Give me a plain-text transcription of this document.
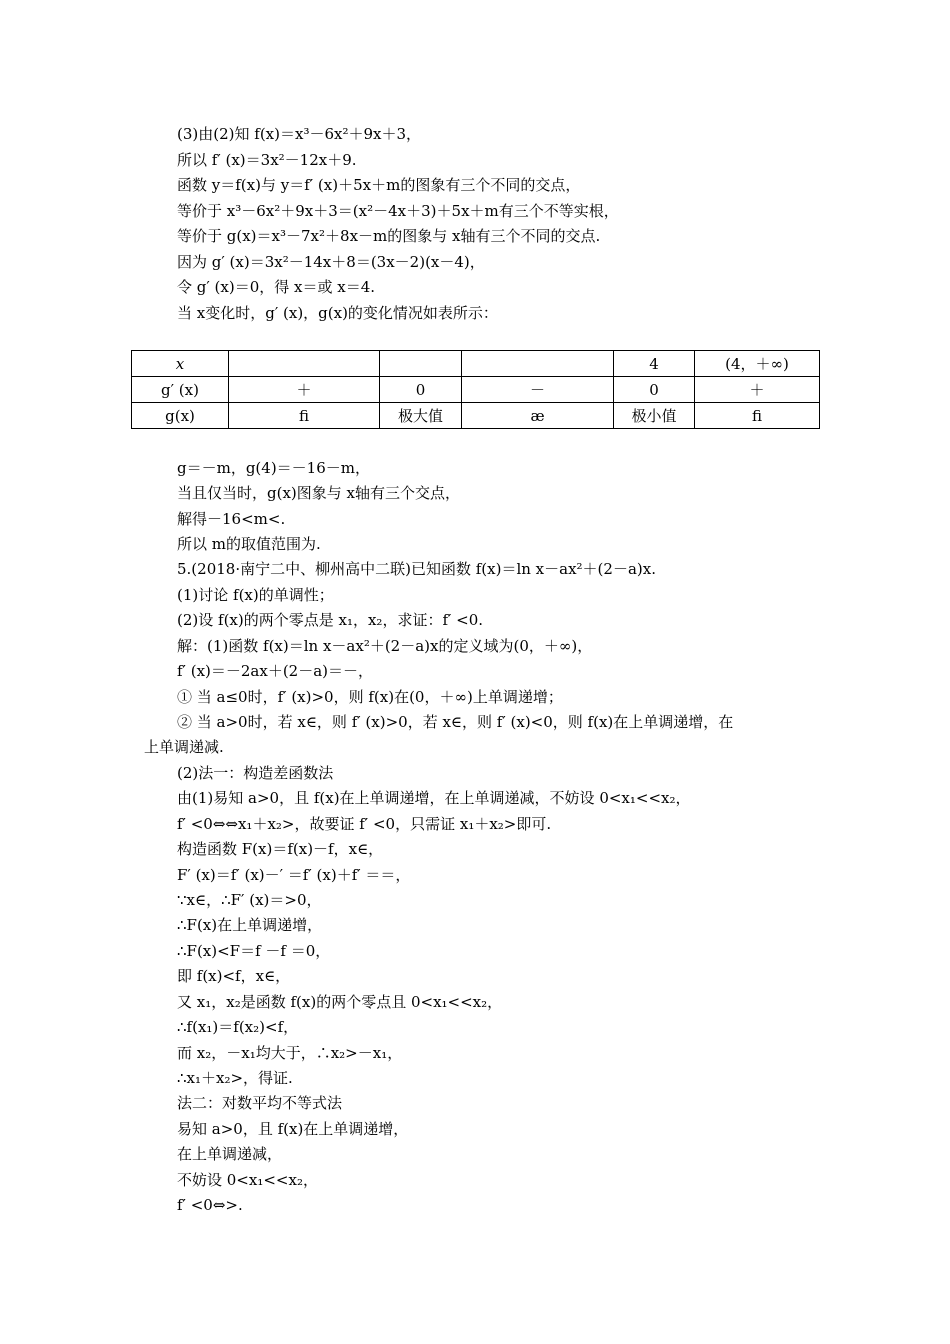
(3)由(2)知 f(x)＝x³－6x²＋9x＋3，
所以 f′ (x)＝3x²－12x＋9.
函数 y＝f(x)与 y＝f′ (x)＋5x＋m的图象有三个不同的交点，
等价于 x³－6x²＋9x＋3＝(x²－4x＋3)＋5x＋m有三个不等实根，
等价于 g(x)＝x³－7x²＋8x－m的图象与 x轴有三个不同的交点.
因为 g′ (x)＝3x²－14x＋8＝(3x－2)(x－4)，
令 g′ (x)＝0，得 x＝或 x＝4.
当 x变化时，g′ (x)，g(x)的变化情况如表所示：
x				4	(4，＋∞)
g′ (x)	＋	0	－	0	＋
g(x)	ﬁ	极大值	æ	极小值	ﬁ
g＝－m，g(4)＝－16－m，
当且仅当时，g(x)图象与 x轴有三个交点，
解得－16<m<.
所以 m的取值范围为.
5.(2018·南宁二中、柳州高中二联)已知函数 f(x)＝ln x－ax²＋(2－a)x.
(1)讨论 f(x)的单调性；
(2)设 f(x)的两个零点是 x₁，x₂，求证：f′ <0.
解：(1)函数 f(x)＝ln x－ax²＋(2－a)x的定义域为(0，＋∞)，
f′ (x)＝－2ax＋(2－a)＝－，
① 当 a≤0时，f′ (x)>0，则 f(x)在(0，＋∞)上单调递增；
② 当 a>0时，若 x∈，则 f′ (x)>0，若 x∈，则 f′ (x)<0，则 f(x)在上单调递增，在
上单调递减.
(2)法一：构造差函数法
由(1)易知 a>0，且 f(x)在上单调递增，在上单调递减，不妨设 0<x₁<<x₂，
f′ <0⇔⇔x₁＋x₂>，故要证 f′ <0，只需证 x₁＋x₂>即可.
构造函数 F(x)＝f(x)－f，x∈，
F′ (x)＝f′ (x)－′ ＝f′ (x)＋f′ ＝＝，
∵x∈，∴F′ (x)＝>0，
∴F(x)在上单调递增，
∴F(x)<F＝f －f ＝0，
即 f(x)<f，x∈，
又 x₁，x₂是函数 f(x)的两个零点且 0<x₁<<x₂，
∴f(x₁)＝f(x₂)<f，
而 x₂，－x₁均大于，∴x₂>－x₁，
∴x₁＋x₂>，得证.
法二：对数平均不等式法
易知 a>0，且 f(x)在上单调递增，
在上单调递减，
不妨设 0<x₁<<x₂，
f′ <0⇔>.
